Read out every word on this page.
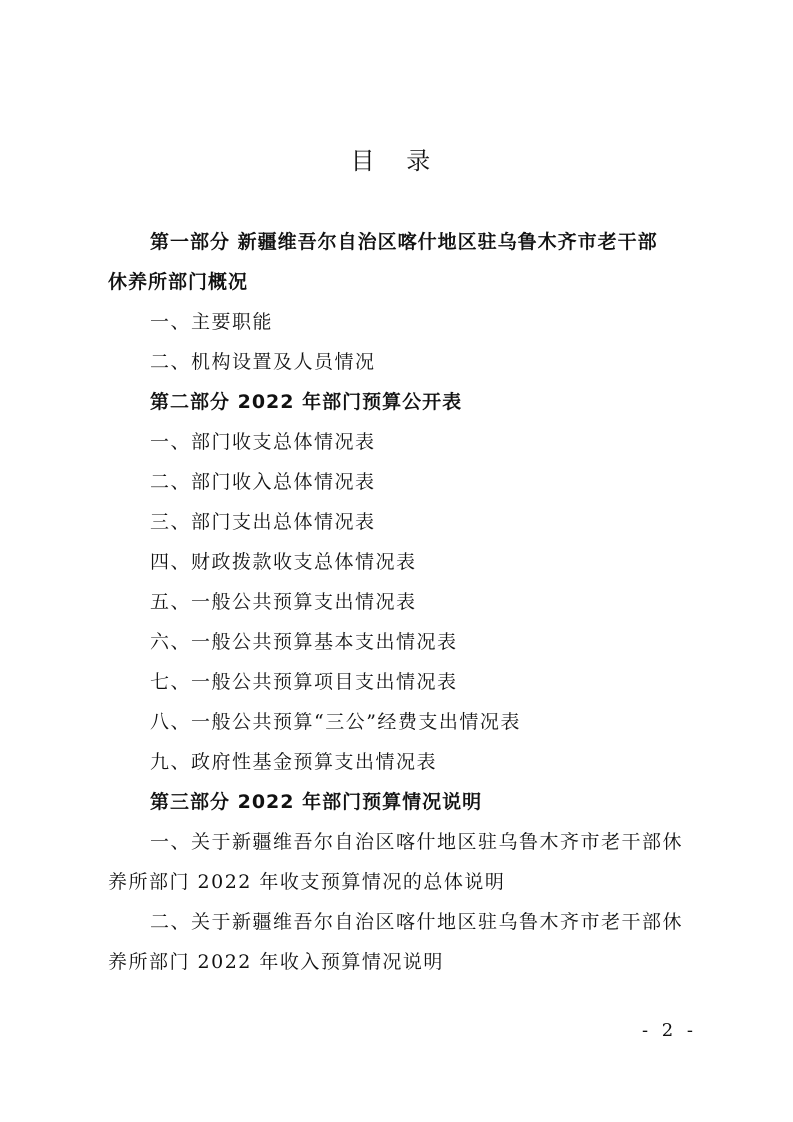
目 录
第一部分 新疆维吾尔自治区喀什地区驻乌鲁木齐市老干部
休养所部门概况
一、主要职能
二、机构设置及人员情况
第二部分 2022 年部门预算公开表
一、部门收支总体情况表
二、部门收入总体情况表
三、部门支出总体情况表
四、财政拨款收支总体情况表
五、一般公共预算支出情况表
六、一般公共预算基本支出情况表
七、一般公共预算项目支出情况表
八、一般公共预算“三公”经费支出情况表
九、政府性基金预算支出情况表
第三部分 2022 年部门预算情况说明
一、关于新疆维吾尔自治区喀什地区驻乌鲁木齐市老干部休
养所部门 2022 年收支预算情况的总体说明
二、关于新疆维吾尔自治区喀什地区驻乌鲁木齐市老干部休
养所部门 2022 年收入预算情况说明
- 2 -
